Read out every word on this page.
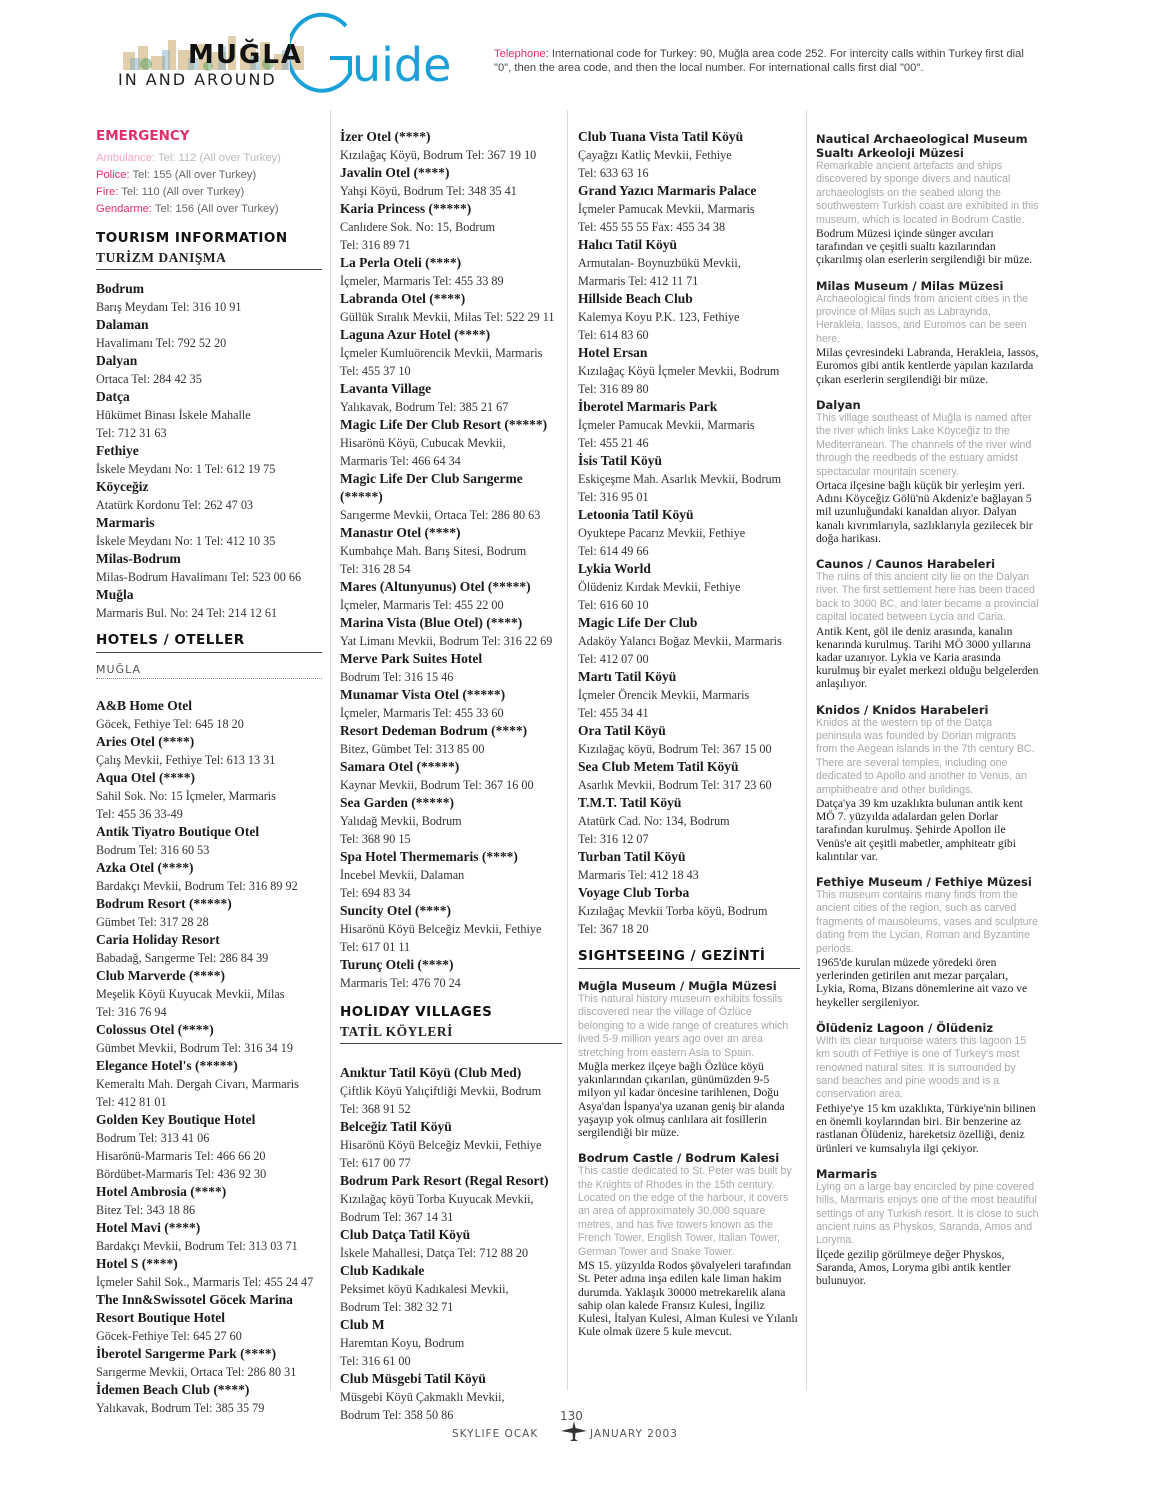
MUĞLA
IN AND AROUND uide	Telephone: International code for Turkey: 90, Muğla area code 252. For intercity calls within Turkey first dial "0", then the area code, and then the local number. For international calls first dial "00".
EMERGENCY
Ambulance: Tel: 112 (All over Turkey)
Police: Tel: 155 (All over Turkey)
Fire: Tel: 110 (All over Turkey)
Gendarme: Tel: 156 (All over Turkey)
TOURISM INFORMATION
TURİZM DANIŞMA
Bodrum
Barış Meydanı Tel: 316 10 91
Dalaman
Havalimanı Tel: 792 52 20
Dalyan
Ortaca Tel: 284 42 35
Datça
Hükümet Binası İskele Mahalle
Tel: 712 31 63
Fethiye
İskele Meydanı No: 1 Tel: 612 19 75
Köyceğiz
Atatürk Kordonu Tel: 262 47 03
Marmaris
İskele Meydanı No: 1 Tel: 412 10 35
Milas-Bodrum
Milas-Bodrum Havalimanı Tel: 523 00 66
Muğla
Marmaris Bul. No: 24 Tel: 214 12 61
HOTELS / OTELLER
MUĞLA
A&B Home Otel
Göcek, Fethiye Tel: 645 18 20
Aries Otel (****)
Çalış Mevkii, Fethiye Tel: 613 13 31
Aqua Otel (****)
Sahil Sok. No: 15 İçmeler, Marmaris
Tel: 455 36 33-49
Antik Tiyatro Boutique Otel
Bodrum Tel: 316 60 53
Azka Otel (****)
Bardakçı Mevkii, Bodrum Tel: 316 89 92
Bodrum Resort (*****)
Gümbet Tel: 317 28 28
Caria Holiday Resort
Babadağ, Sarıgerme Tel: 286 84 39
Club Marverde (****)
Meşelik Köyü Kuyucak Mevkii, Milas
Tel: 316 76 94
Colossus Otel (****)
Gümbet Mevkii, Bodrum Tel: 316 34 19
Elegance Hotel's (*****)
Kemeraltı Mah. Dergah Civarı, Marmaris
Tel: 412 81 01
Golden Key Boutique Hotel
Bodrum Tel: 313 41 06
Hisarönü-Marmaris Tel: 466 66 20
Bördübet-Marmaris Tel: 436 92 30
Hotel Ambrosia (****)
Bitez Tel: 343 18 86
Hotel Mavi (****)
Bardakçı Mevkii, Bodrum Tel: 313 03 71
Hotel S (****)
İçmeler Sahil Sok., Marmaris Tel: 455 24 47
The Inn&Swissotel Göcek Marina
Resort Boutique Hotel
Göcek-Fethiye Tel: 645 27 60
İberotel Sarıgerme Park (****)
Sarıgerme Mevkii, Ortaca Tel: 286 80 31
İdemen Beach Club (****)
Yalıkavak, Bodrum Tel: 385 35 79
İzer Otel (****)
Kızılağaç Köyü, Bodrum Tel: 367 19 10
Javalin Otel (****)
Yahşi Köyü, Bodrum Tel: 348 35 41
Karia Princess (*****)
Canlıdere Sok. No: 15, Bodrum
Tel: 316 89 71
La Perla Oteli (****)
İçmeler, Marmaris Tel: 455 33 89
Labranda Otel (****)
Güllük Sıralık Mevkii, Milas Tel: 522 29 11
Laguna Azur Hotel (****)
İçmeler Kumluörencik Mevkii, Marmaris
Tel: 455 37 10
Lavanta Village
Yalıkavak, Bodrum Tel: 385 21 67
Magic Life Der Club Resort (*****)
Hisarönü Köyü, Cubucak Mevkii,
Marmaris Tel: 466 64 34
Magic Life Der Club Sarıgerme (*****)
Sarıgerme Mevkii, Ortaca Tel: 286 80 63
Manastır Otel (****)
Kumbahçe Mah. Barış Sitesi, Bodrum
Tel: 316 28 54
Mares (Altunyunus) Otel (*****)
İçmeler, Marmaris Tel: 455 22 00
Marina Vista (Blue Otel) (****)
Yat Limanı Mevkii, Bodrum Tel: 316 22 69
Merve Park Suites Hotel
Bodrum Tel: 316 15 46
Munamar Vista Otel (*****)
İçmeler, Marmaris Tel: 455 33 60
Resort Dedeman Bodrum (****)
Bitez, Gümbet Tel: 313 85 00
Samara Otel (*****)
Kaynar Mevkii, Bodrum Tel: 367 16 00
Sea Garden (*****)
Yalıdağ Mevkii, Bodrum
Tel: 368 90 15
Spa Hotel Thermemaris (****)
İncebel Mevkii, Dalaman
Tel: 694 83 34
Suncity Otel (****)
Hisarönü Köyü Belceğiz Mevkii, Fethiye
Tel: 617 01 11
Turunç Oteli (****)
Marmaris Tel: 476 70 24
HOLIDAY VILLAGES
TATİL KÖYLERİ
Anıktur Tatil Köyü (Club Med)
Çiftlik Köyü Yalıçiftliği Mevkii, Bodrum
Tel: 368 91 52
Belceğiz Tatil Köyü
Hisarönü Köyü Belceğiz Mevkii, Fethiye
Tel: 617 00 77
Bodrum Park Resort (Regal Resort)
Kızılağaç köyü Torba Kuyucak Mevkii,
Bodrum Tel: 367 14 31
Club Datça Tatil Köyü
İskele Mahallesi, Datça Tel: 712 88 20
Club Kadıkale
Peksimet köyü Kadıkalesi Mevkii,
Bodrum Tel: 382 32 71
Club M
Haremtan Koyu, Bodrum
Tel: 316 61 00
Club Müsgebi Tatil Köyü
Müsgebi Köyü Çakmaklı Mevkii,
Bodrum Tel: 358 50 86
Club Tuana Vista Tatil Köyü
Çayağzı Katliç Mevkii, Fethiye
Tel: 633 63 16
Grand Yazıcı Marmaris Palace
İçmeler Pamucak Mevkii, Marmaris
Tel: 455 55 55 Fax: 455 34 38
Halıcı Tatil Köyü
Armutalan- Boynuzbükü Mevkii,
Marmaris Tel: 412 11 71
Hillside Beach Club
Kalemya Koyu P.K. 123, Fethiye
Tel: 614 83 60
Hotel Ersan
Kızılağaç Köyü İçmeler Mevkii, Bodrum
Tel: 316 89 80
İberotel Marmaris Park
İçmeler Pamucak Mevkii, Marmaris
Tel: 455 21 46
İsis Tatil Köyü
Eskiçeşme Mah. Asarlık Mevkii, Bodrum
Tel: 316 95 01
Letoonia Tatil Köyü
Oyuktepe Pacarız Mevkii, Fethiye
Tel: 614 49 66
Lykia World
Ölüdeniz Kırdak Mevkii, Fethiye
Tel: 616 60 10
Magic Life Der Club
Adaköy Yalancı Boğaz Mevkii, Marmaris
Tel: 412 07 00
Martı Tatil Köyü
İçmeler Örencik Mevkii, Marmaris
Tel: 455 34 41
Ora Tatil Köyü
Kızılağaç köyü, Bodrum Tel: 367 15 00
Sea Club Metem Tatil Köyü
Asarlık Mevkii, Bodrum Tel: 317 23 60
T.M.T. Tatil Köyü
Atatürk Cad. No: 134, Bodrum
Tel: 316 12 07
Turban Tatil Köyü
Marmaris Tel: 412 18 43
Voyage Club Torba
Kızılağaç Mevkii Torba köyü, Bodrum
Tel: 367 18 20
SIGHTSEEING / GEZİNTİ
Muğla Museum / Muğla Müzesi
This natural history museum exhibits fossils discovered near the village of Özlüce belonging to a wide range of creatures which lived 5-9 million years ago over an area stretching from eastern Asia to Spain.
Muğla merkez ilçeye bağlı Özlüce köyü yakınlarından çıkarılan, günümüzden 9-5 milyon yıl kadar öncesine tarihlenen, Doğu Asya'dan İspanya'ya uzanan geniş bir alanda yaşayıp yok olmuş canlılara ait fosillerin sergilendiği bir müze.
Bodrum Castle / Bodrum Kalesi
This castle dedicated to St. Peter was built by the Knights of Rhodes in the 15th century. Located on the edge of the harbour, it covers an area of approximately 30,000 square metres, and has five towers known as the French Tower, English Tower, Italian Tower, German Tower and Snake Tower.
MS 15. yüzyılda Rodos şövalyeleri tarafından St. Peter adına inşa edilen kale liman hakim durumda. Yaklaşık 30000 metrekarelik alana sahip olan kalede Fransız Kulesi, İngiliz Kulesi, İtalyan Kulesi, Alman Kulesi ve Yılanlı Kule olmak üzere 5 kule mevcut.
Nautical Archaeological Museum Sualtı Arkeoloji Müzesi
Remarkable ancient artefacts and ships discovered by sponge divers and nautical archaeologists on the seabed along the southwestern Turkish coast are exhibited in this museum, which is located in Bodrum Castle.
Bodrum Müzesi içinde sünger avcıları tarafından ve çeşitli sualtı kazılarından çıkarılmış olan eserlerin sergilendiği bir müze.
Milas Museum / Milas Müzesi
Archaeological finds from ancient cities in the province of Milas such as Labraynda, Herakleia, Iassos, and Euromos can be seen here.
Milas çevresindeki Labranda, Herakleia, Iassos, Euromos gibi antik kentlerde yapılan kazılarda çıkan eserlerin sergilendiği bir müze.
Dalyan
This village southeast of Muğla is named after the river which links Lake Köyceğiz to the Mediterranean. The channels of the river wind through the reedbeds of the estuary amidst spectacular mountain scenery.
Ortaca ilçesine bağlı küçük bir yerleşim yeri. Adını Köyceğiz Gölü'nü Akdeniz'e bağlayan 5 mil uzunluğundaki kanaldan alıyor. Dalyan kanalı kıvrımlarıyla, sazlıklarıyla gezilecek bir doğa harikası.
Caunos / Caunos Harabeleri
The ruins of this ancient city lie on the Dalyan river. The first settlement here has been traced back to 3000 BC, and later became a provincial capital located between Lycia and Caria.
Antik Kent, göl ile deniz arasında, kanalın kenarında kurulmuş. Tarihi MÖ 3000 yıllarına kadar uzanıyor. Lykia ve Karia arasında kurulmuş bir eyalet merkezi olduğu belgelerden anlaşılıyor.
Knidos / Knidos Harabeleri
Knidos at the western tip of the Datça peninsula was founded by Dorian migrants from the Aegean islands in the 7th century BC. There are several temples, including one dedicated to Apollo and another to Venus, an amphitheatre and other buildings.
Datça'ya 39 km uzaklıkta bulunan antik kent MÖ 7. yüzyılda adalardan gelen Dorlar tarafından kurulmuş. Şehirde Apollon ile Venüs'e ait çeşitli mabetler, amphiteatr gibi kalıntılar var.
Fethiye Museum / Fethiye Müzesi
This museum contains many finds from the ancient cities of the region, such as carved fragments of mausoleums, vases and sculpture dating from the Lycian, Roman and Byzantine periods.
1965'de kurulan müzede yöredeki ören yerlerinden getirilen anıt mezar parçaları, Lykia, Roma, Bizans dönemlerine ait vazo ve heykeller sergileniyor.
Ölüdeniz Lagoon / Ölüdeniz
With its clear turquoise waters this lagoon 15 km south of Fethiye is one of Turkey's most renowned natural sites. It is surrounded by sand beaches and pine woods and is a conservation area.
Fethiye'ye 15 km uzaklıkta, Türkiye'nin bilinen en önemli koylarından biri. Bir benzerine az rastlanan Ölüdeniz, hareketsiz özelliği, deniz ürünleri ve kumsalıyla ilgi çekiyor.
Marmaris
Lying on a large bay encircled by pine covered hills, Marmaris enjoys one of the most beautiful settings of any Turkish resort. It is close to such ancient ruins as Physkos, Saranda, Amos and Loryma.
İlçede gezilip görülmeye değer Physkos, Saranda, Amos, Loryma gibi antik kentler bulunuyor.
130
SKYLIFE OCAK	JANUARY 2003
